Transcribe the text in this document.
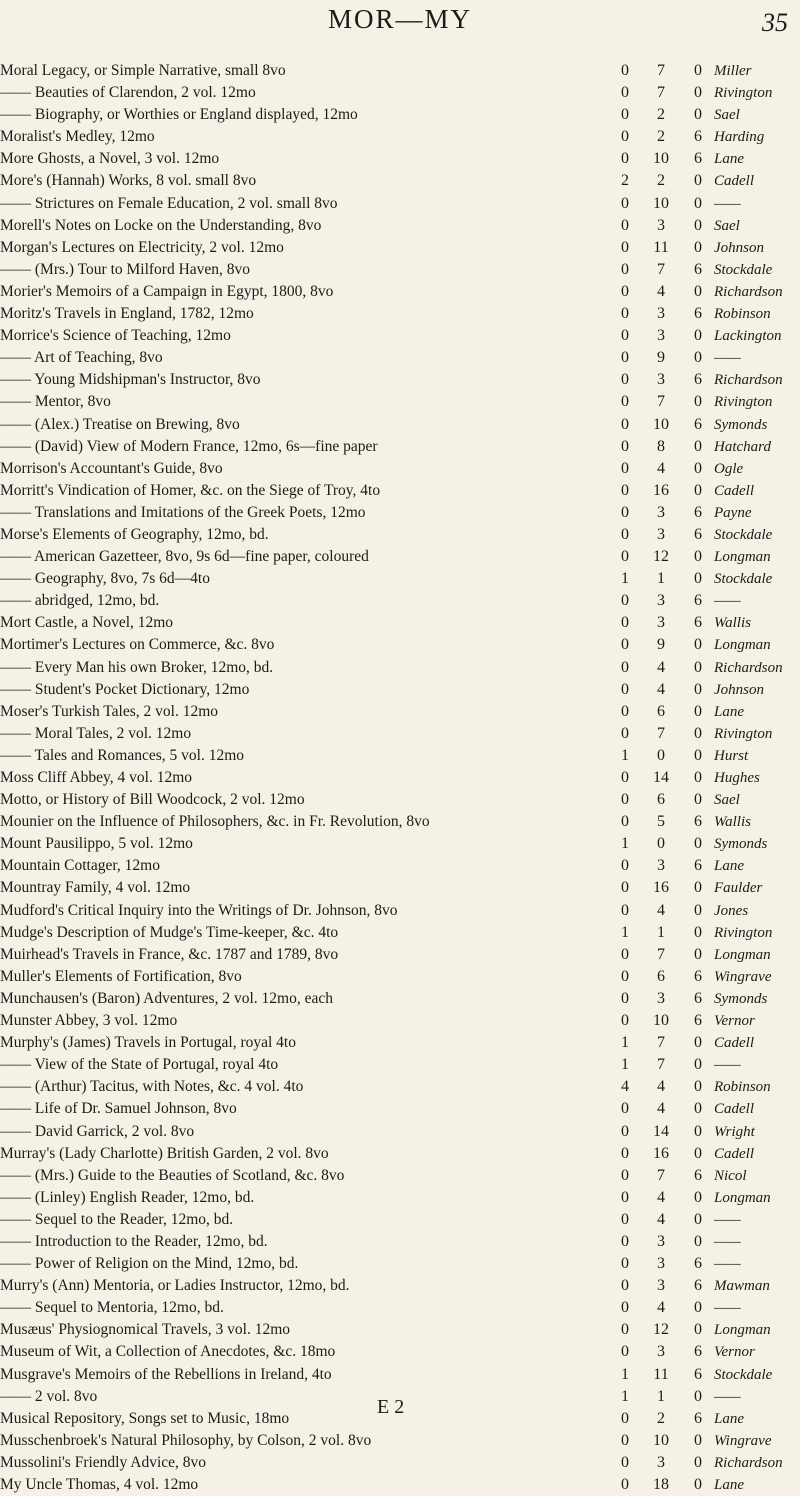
MOR—MY	35
Moral Legacy, or Simple Narrative, small 8vo	0	7	0 Miller
—— Beauties of Clarendon, 2 vol. 12mo	0	7	0 Rivington
—— Biography, or Worthies or England displayed, 12mo	0	2	0 Sael
Moralist's Medley, 12mo	0	2	6 Harding
More Ghosts, a Novel, 3 vol. 12mo	0	10	6 Lane
More's (Hannah) Works, 8 vol. small 8vo	2	2	0 Cadell
—— Strictures on Female Education, 2 vol. small 8vo	0	10	0 ——
Morell's Notes on Locke on the Understanding, 8vo	0	3	0 Sael
Morgan's Lectures on Electricity, 2 vol. 12mo	0	11	0 Johnson
—— (Mrs.) Tour to Milford Haven, 8vo	0	7	6 Stockdale
Morier's Memoirs of a Campaign in Egypt, 1800, 8vo	0	4	0 Richardson
Moritz's Travels in England, 1782, 12mo	0	3	6 Robinson
Morrice's Science of Teaching, 12mo	0	3	0 Lackington
—— Art of Teaching, 8vo	0	9	0 ——
—— Young Midshipman's Instructor, 8vo	0	3	6 Richardson
—— Mentor, 8vo	0	7	0 Rivington
—— (Alex.) Treatise on Brewing, 8vo	0	10	6 Symonds
—— (David) View of Modern France, 12mo, 6s—fine paper	0	8	0 Hatchard
Morrison's Accountant's Guide, 8vo	0	4	0 Ogle
Morritt's Vindication of Homer, &c. on the Siege of Troy, 4to	0	16	0 Cadell
—— Translations and Imitations of the Greek Poets, 12mo	0	3	6 Payne
Morse's Elements of Geography, 12mo, bd.	0	3	6 Stockdale
—— American Gazetteer, 8vo, 9s 6d—fine paper, coloured	0	12	0 Longman
—— Geography, 8vo, 7s 6d—4to	1	1	0 Stockdale
—— abridged, 12mo, bd.	0	3	6 ——
Mort Castle, a Novel, 12mo	0	3	6 Wallis
Mortimer's Lectures on Commerce, &c. 8vo	0	9	0 Longman
—— Every Man his own Broker, 12mo, bd.	0	4	0 Richardson
—— Student's Pocket Dictionary, 12mo	0	4	0 Johnson
Moser's Turkish Tales, 2 vol. 12mo	0	6	0 Lane
—— Moral Tales, 2 vol. 12mo	0	7	0 Rivington
—— Tales and Romances, 5 vol. 12mo	1	0	0 Hurst
Moss Cliff Abbey, 4 vol. 12mo	0	14	0 Hughes
Motto, or History of Bill Woodcock, 2 vol. 12mo	0	6	0 Sael
Mounier on the Influence of Philosophers, &c. in Fr. Revolution, 8vo	0	5	6 Wallis
Mount Pausilippo, 5 vol. 12mo	1	0	0 Symonds
Mountain Cottager, 12mo	0	3	6 Lane
Mountray Family, 4 vol. 12mo	0	16	0 Faulder
Mudford's Critical Inquiry into the Writings of Dr. Johnson, 8vo	0	4	0 Jones
Mudge's Description of Mudge's Time-keeper, &c. 4to	1	1	0 Rivington
Muirhead's Travels in France, &c. 1787 and 1789, 8vo	0	7	0 Longman
Muller's Elements of Fortification, 8vo	0	6	6 Wingrave
Munchausen's (Baron) Adventures, 2 vol. 12mo, each	0	3	6 Symonds
Munster Abbey, 3 vol. 12mo	0	10	6 Vernor
Murphy's (James) Travels in Portugal, royal 4to	1	7	0 Cadell
—— View of the State of Portugal, royal 4to	1	7	0 ——
—— (Arthur) Tacitus, with Notes, &c. 4 vol. 4to	4	4	0 Robinson
—— Life of Dr. Samuel Johnson, 8vo	0	4	0 Cadell
—— David Garrick, 2 vol. 8vo	0	14	0 Wright
Murray's (Lady Charlotte) British Garden, 2 vol. 8vo	0	16	0 Cadell
—— (Mrs.) Guide to the Beauties of Scotland, &c. 8vo	0	7	6 Nicol
—— (Linley) English Reader, 12mo, bd.	0	4	0 Longman
—— Sequel to the Reader, 12mo, bd.	0	4	0 ——
—— Introduction to the Reader, 12mo, bd.	0	3	0 ——
—— Power of Religion on the Mind, 12mo, bd.	0	3	6 ——
Murry's (Ann) Mentoria, or Ladies Instructor, 12mo, bd.	0	3	6 Mawman
—— Sequel to Mentoria, 12mo, bd.	0	4	0 ——
Musæus' Physiognomical Travels, 3 vol. 12mo	0	12	0 Longman
Museum of Wit, a Collection of Anecdotes, &c. 18mo	0	3	6 Vernor
Musgrave's Memoirs of the Rebellions in Ireland, 4to	1	11	6 Stockdale
—— 2 vol. 8vo	1	1	0 ——
Musical Repository, Songs set to Music, 18mo	0	2	6 Lane
Musschenbroek's Natural Philosophy, by Colson, 2 vol. 8vo	0	10	0 Wingrave
Mussolini's Friendly Advice, 8vo	0	3	0 Richardson
My Uncle Thomas, 4 vol. 12mo	0	18	0 Lane
E 2
